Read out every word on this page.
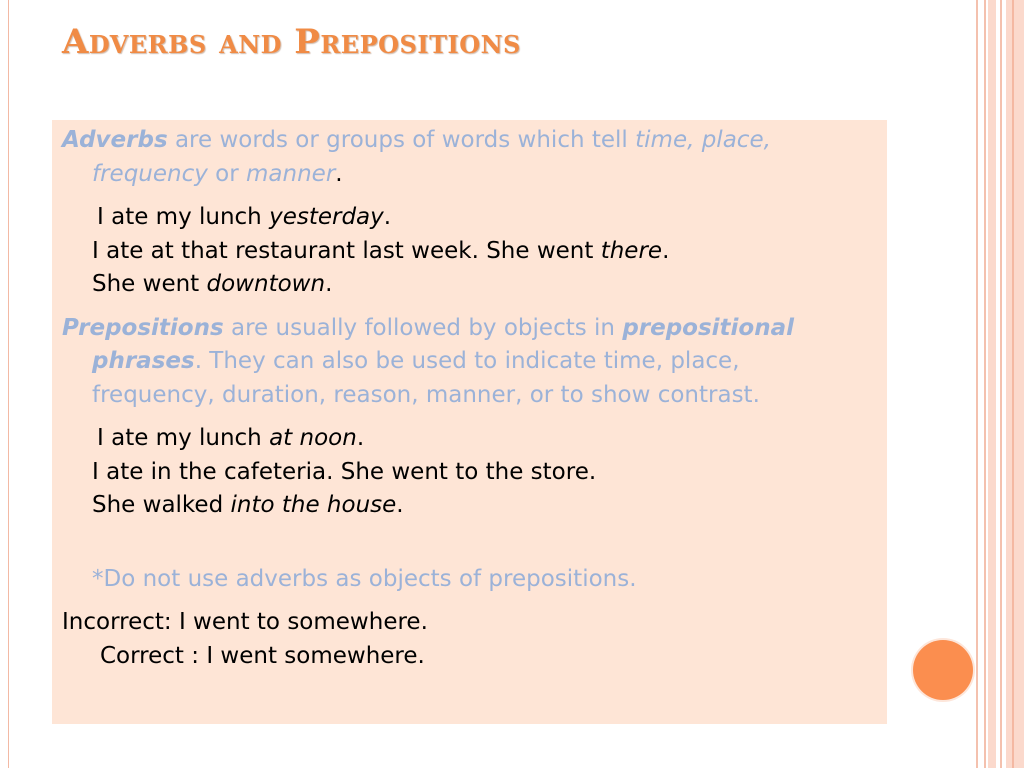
Adverbs and Prepositions

Adverbs are words or groups of words which tell time, place,
frequency or manner.

I ate my lunch yesterday.
I ate at that restaurant last week. She went there.
She went downtown.

Prepositions are usually followed by objects in prepositional
phrases. They can also be used to indicate time, place,
frequency, duration, reason, manner, or to show contrast.

I ate my lunch at noon.
I ate in the cafeteria. She went to the store.
She walked into the house.
*Do not use adverbs as objects of prepositions.
Incorrect: I went to somewhere.
Correct : I went somewhere.
